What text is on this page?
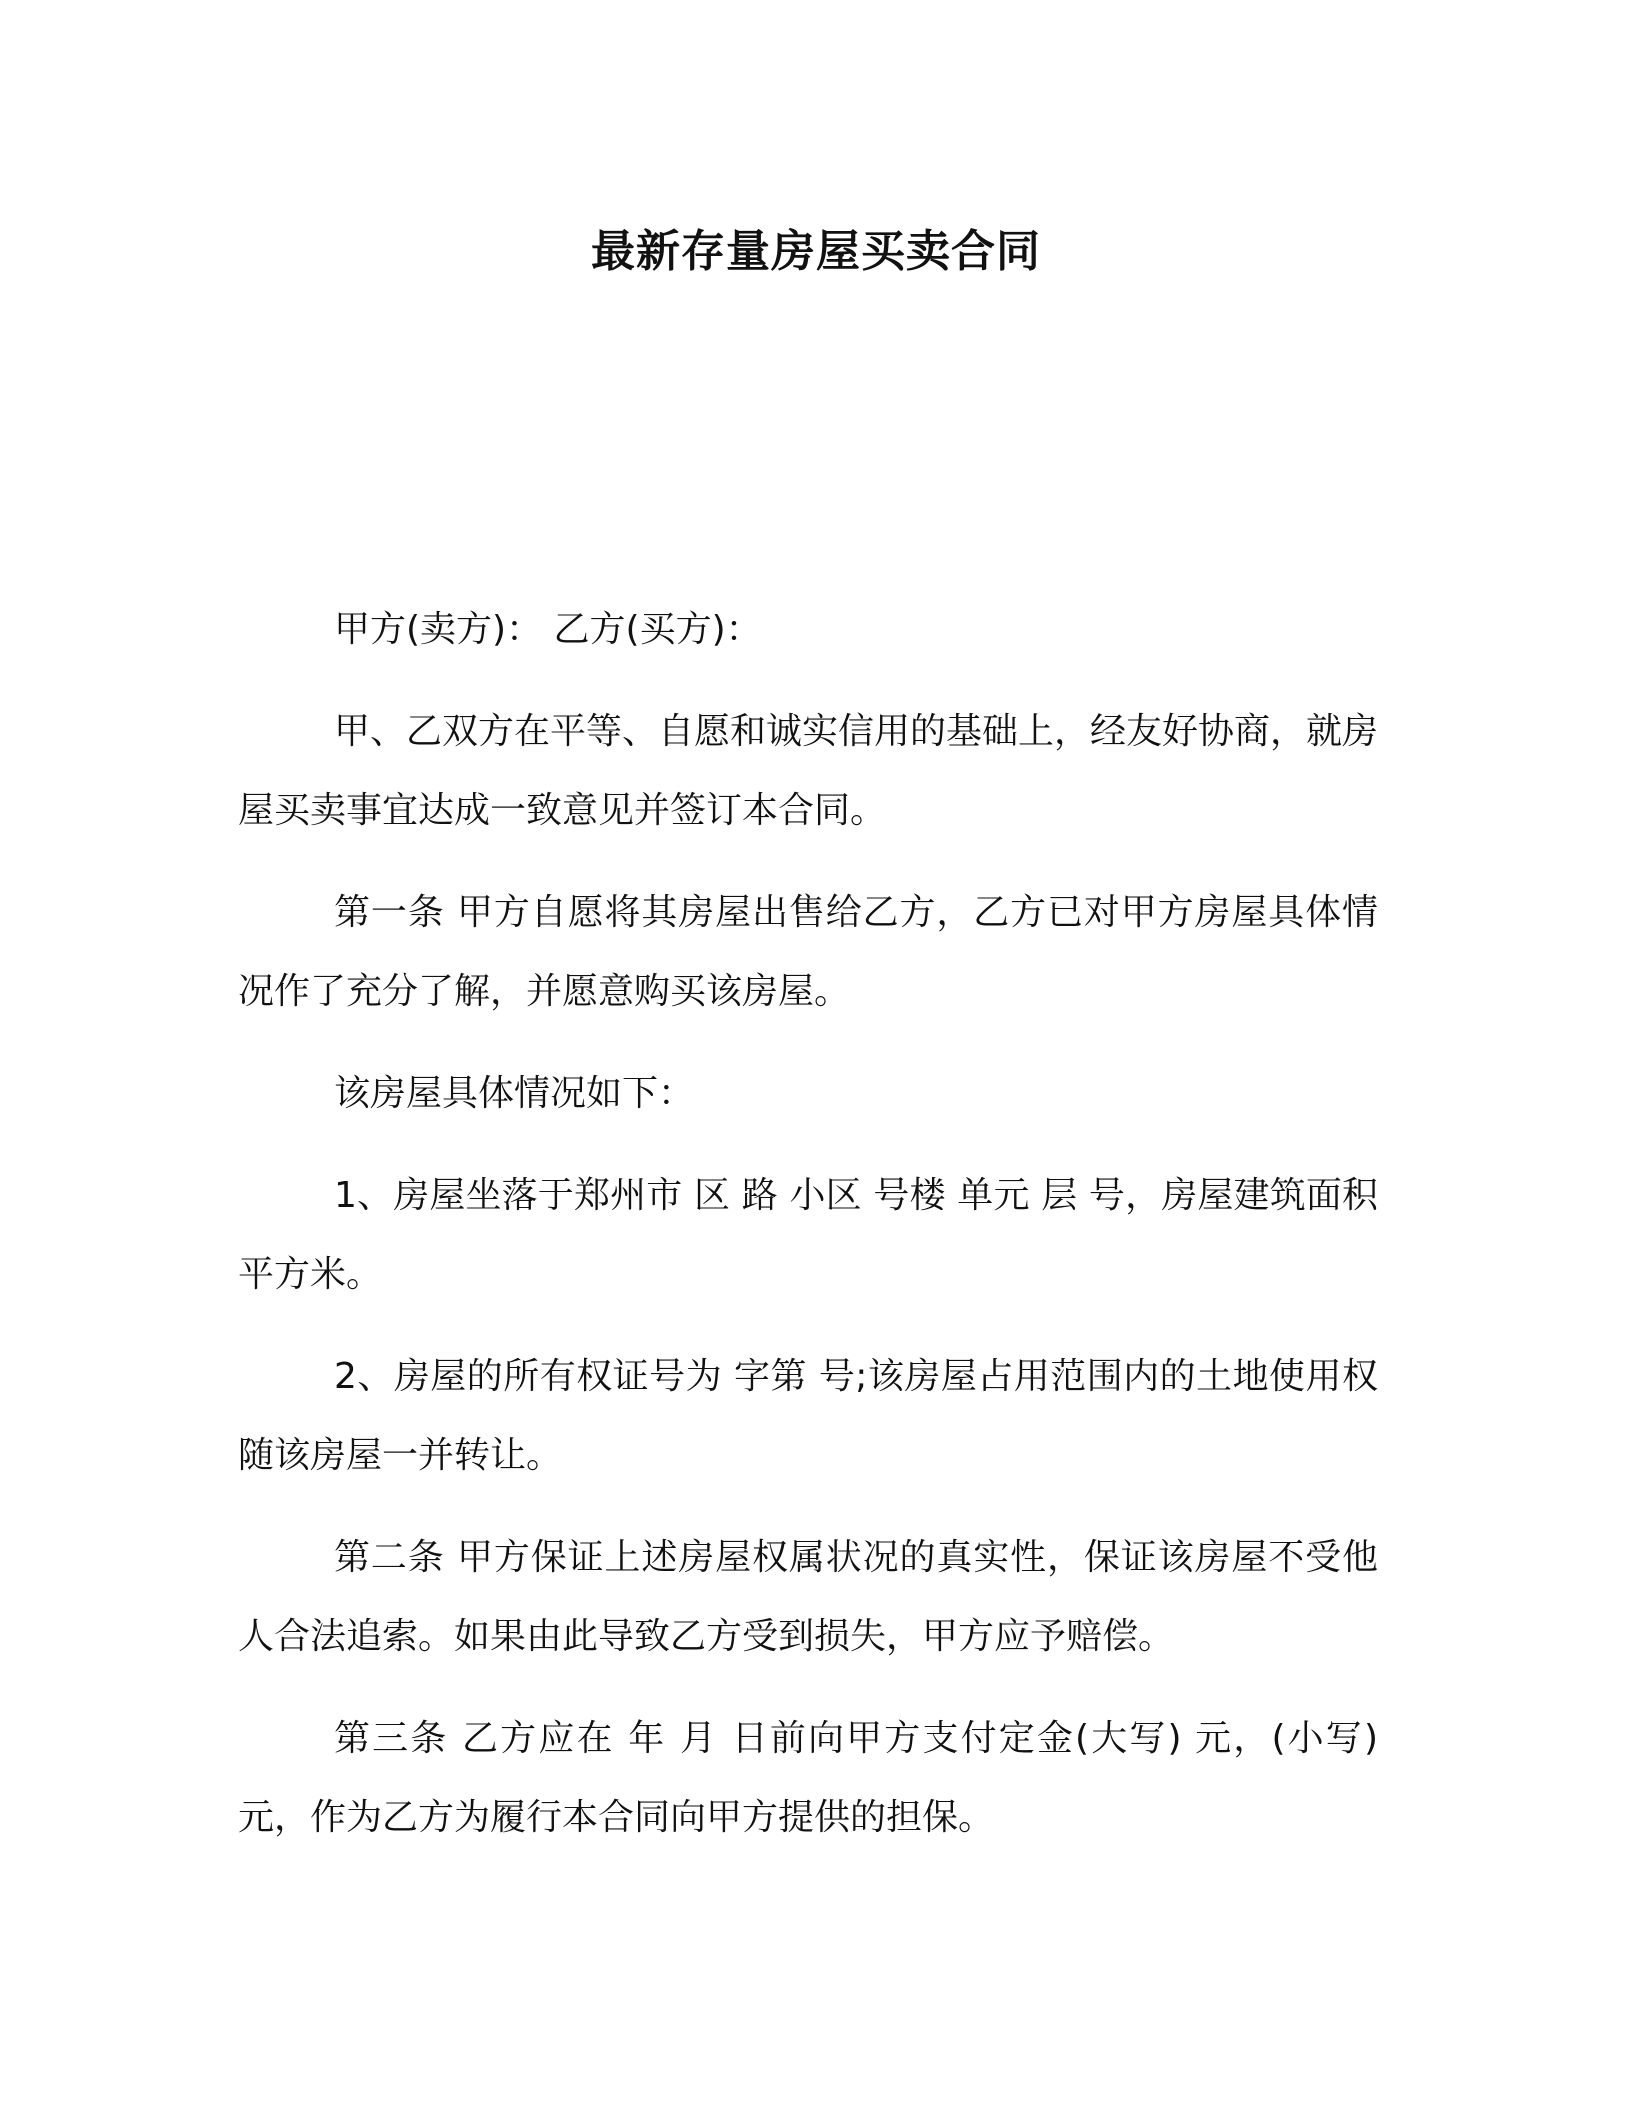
最新存量房屋买卖合同

甲方(卖方)： 乙方(买方)：

甲、乙双方在平等、自愿和诚实信用的基础上，经友好协商，就房屋买卖事宜达成一致意见并签订本合同。

第一条 甲方自愿将其房屋出售给乙方，乙方已对甲方房屋具体情况作了充分了解，并愿意购买该房屋。

该房屋具体情况如下：

1、房屋坐落于郑州市 区 路 小区 号楼 单元 层 号，房屋建筑面积 平方米。

2、房屋的所有权证号为 字第 号;该房屋占用范围内的土地使用权随该房屋一并转让。

第二条 甲方保证上述房屋权属状况的真实性，保证该房屋不受他人合法追索。如果由此导致乙方受到损失，甲方应予赔偿。

第三条 乙方应在 年 月 日前向甲方支付定金(大写) 元，(小写) 元，作为乙方为履行本合同向甲方提供的担保。
